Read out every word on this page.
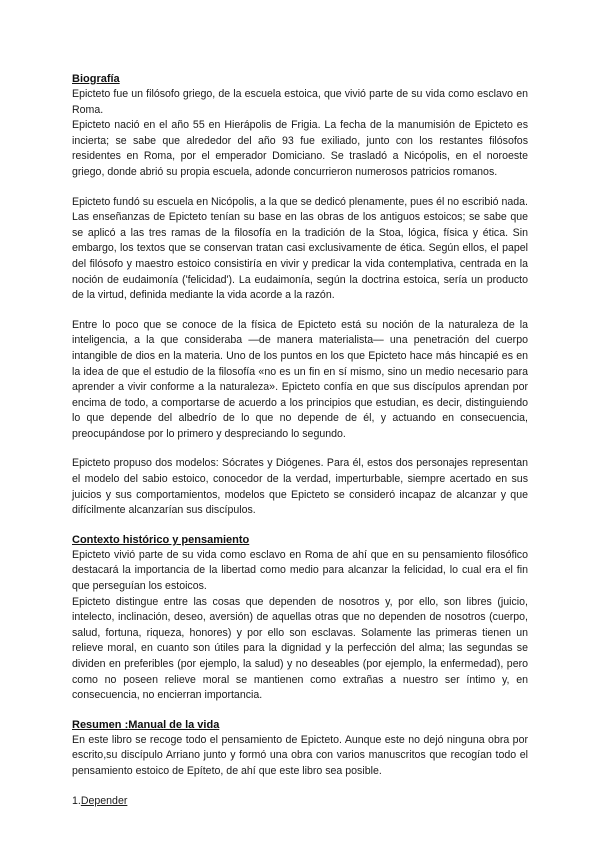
Biografía

Epicteto fue un filósofo griego, de la escuela estoica, que vivió parte de su vida como esclavo en Roma.

Epicteto nació en el año 55 en Hierápolis de Frigia. La fecha de la manumisión de Epicteto es incierta; se sabe que alrededor del año 93 fue exiliado, junto con los restantes filósofos residentes en Roma, por el emperador Domiciano. Se trasladó a Nicópolis, en el noroeste griego, donde abrió su propia escuela, adonde concurrieron numerosos patricios romanos.

Epicteto fundó su escuela en Nicópolis, a la que se dedicó plenamente, pues él no escribió nada. Las enseñanzas de Epicteto tenían su base en las obras de los antiguos estoicos; se sabe que se aplicó a las tres ramas de la filosofía en la tradición de la Stoa, lógica, física y ética. Sin embargo, los textos que se conservan tratan casi exclusivamente de ética. Según ellos, el papel del filósofo y maestro estoico consistiría en vivir y predicar la vida contemplativa, centrada en la noción de eudaimonía ('felicidad'). La eudaimonía, según la doctrina estoica, sería un producto de la virtud, definida mediante la vida acorde a la razón.

Entre lo poco que se conoce de la física de Epicteto está su noción de la naturaleza de la inteligencia, a la que consideraba —de manera materialista— una penetración del cuerpo intangible de dios en la materia. Uno de los puntos en los que Epicteto hace más hincapié es en la idea de que el estudio de la filosofía «no es un fin en sí mismo, sino un medio necesario para aprender a vivir conforme a la naturaleza». Epicteto confía en que sus discípulos aprendan por encima de todo, a comportarse de acuerdo a los principios que estudian, es decir, distinguiendo lo que depende del albedrío de lo que no depende de él, y actuando en consecuencia, preocupándose por lo primero y despreciando lo segundo.

Epicteto propuso dos modelos: Sócrates y Diógenes. Para él, estos dos personajes representan el modelo del sabio estoico, conocedor de la verdad, imperturbable, siempre acertado en sus juicios y sus comportamientos, modelos que Epicteto se consideró incapaz de alcanzar y que difícilmente alcanzarían sus discípulos.

Contexto histórico y pensamiento

Epicteto vivió parte de su vida como esclavo en Roma de ahí que en su pensamiento filosófico destacará la importancia de la libertad como medio para alcanzar la felicidad, lo cual era el fin que perseguían los estoicos.

Epicteto distingue entre las cosas que dependen de nosotros y, por ello, son libres (juicio, intelecto, inclinación, deseo, aversión) de aquellas otras que no dependen de nosotros (cuerpo, salud, fortuna, riqueza, honores) y por ello son esclavas. Solamente las primeras tienen un relieve moral, en cuanto son útiles para la dignidad y la perfección del alma; las segundas se dividen en preferibles (por ejemplo, la salud) y no deseables (por ejemplo, la enfermedad), pero como no poseen relieve moral se mantienen como extrañas a nuestro ser íntimo y, en consecuencia, no encierran importancia.

Resumen :Manual de la vida

En este libro se recoge todo el pensamiento de Epicteto. Aunque este no dejó ninguna obra por escrito,su discípulo Arriano junto y formó una obra con varios manuscritos que recogían todo el pensamiento estoico de Epíteto, de ahí que este libro sea posible.

1.Depender
